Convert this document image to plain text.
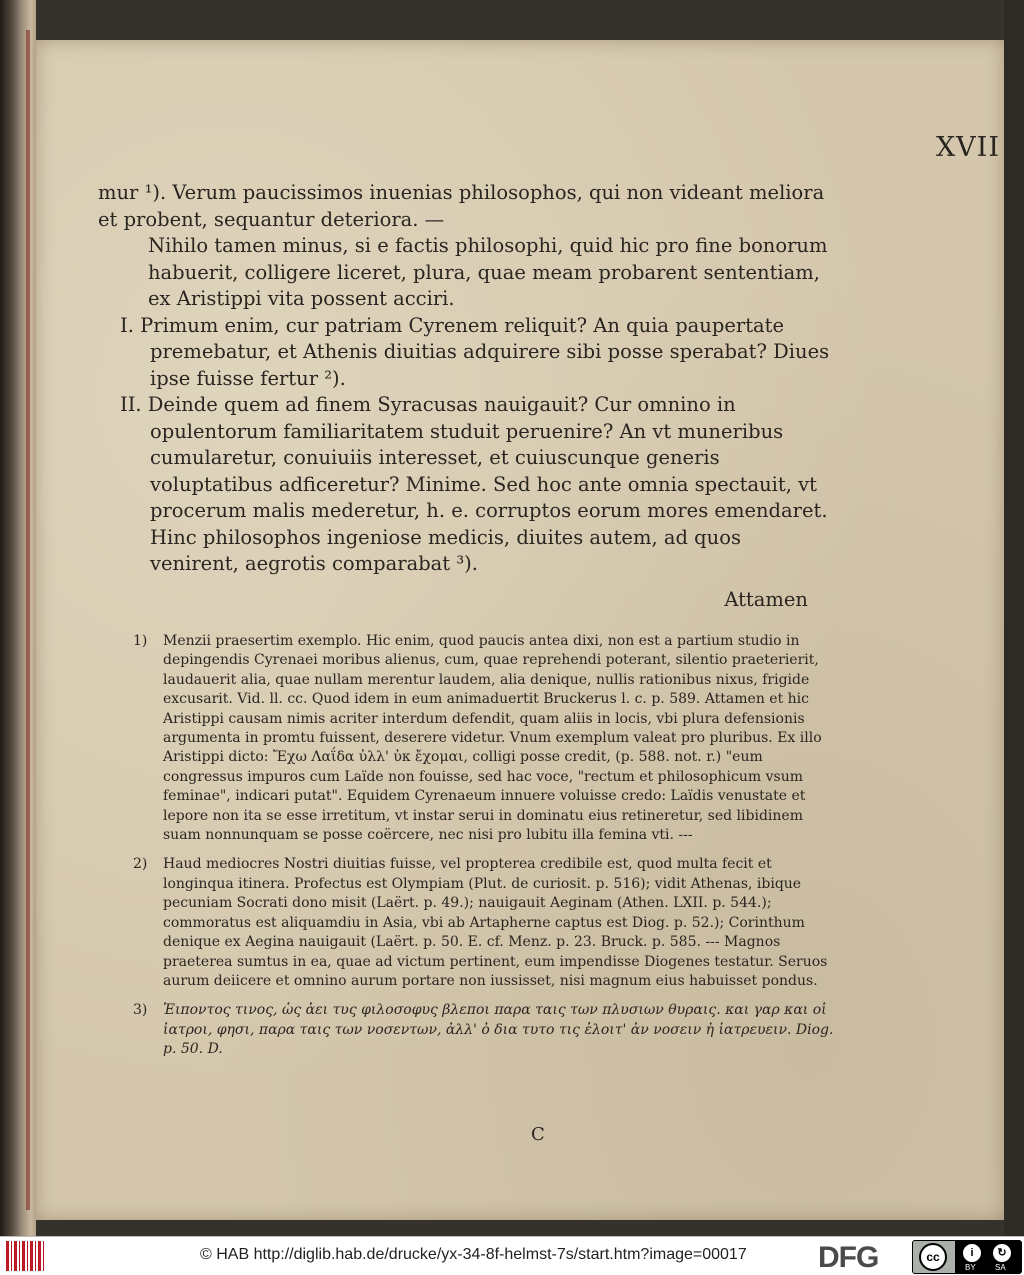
XVII

mur ¹). Verum paucissimos inuenias philosophos, qui non videant meliora et probent, sequantur deteriora. —

Nihilo tamen minus, si e factis philosophi, quid hic pro fine bonorum habuerit, colligere liceret, plura, quae meam probarent sententiam, ex Aristippi vita possent acciri.

I. Primum enim, cur patriam Cyrenem reliquit? An quia paupertate premebatur, et Athenis diuitias adquirere sibi posse sperabat? Diues ipse fuisse fertur ²).

II. Deinde quem ad finem Syracusas nauigauit? Cur omnino in opulentorum familiaritatem studuit peruenire? An vt muneribus cumularetur, conuiuiis interesset, et cuiuscunque generis voluptatibus adficeretur? Minime. Sed hoc ante omnia spectauit, vt procerum malis mederetur, h. e. corruptos eorum mores emendaret. Hinc philosophos ingeniose medicis, diuites autem, ad quos venirent, aegrotis comparabat ³).

Attamen
1) Menzii praesertim exemplo. Hic enim, quod paucis antea dixi, non est a partium studio in depingendis Cyrenaei moribus alienus, cum, quae reprehendi poterant, silentio praeterierit, laudauerit alia, quae nullam merentur laudem, alia denique, nullis rationibus nixus, frigide excusarit. Vid. ll. cc. Quod idem in eum animaduertit Bruckerus l. c. p. 589. Attamen et hic Aristippi causam nimis acriter interdum defendit, quam aliis in locis, vbi plura defensionis argumenta in promtu fuissent, deserere videtur. Vnum exemplum valeat pro pluribus. Ex illo Aristippi dicto: Ἔχω Λαΐδα ὐλλ' ὐκ ἔχομαι, colligi posse credit, (p. 588. not. r.) "eum congressus impuros cum Laïde non fouisse, sed hac voce, "rectum et philosophicum vsum feminae", indicari putat". Equidem Cyrenaeum innuere voluisse credo: Laïdis venustate et lepore non ita se esse irretitum, vt instar serui in dominatu eius retineretur, sed libidinem suam nonnunquam se posse coërcere, nec nisi pro lubitu illa femina vti. ---
2) Haud mediocres Nostri diuitias fuisse, vel propterea credibile est, quod multa fecit et longinqua itinera. Profectus est Olympiam (Plut. de curiosit. p. 516); vidit Athenas, ibique pecuniam Socrati dono misit (Laërt. p. 49.); nauigauit Aeginam (Athen. LXII. p. 544.); commoratus est aliquamdiu in Asia, vbi ab Artapherne captus est Diog. p. 52.); Corinthum denique ex Aegina nauigauit (Laërt. p. 50. E. cf. Menz. p. 23. Bruck. p. 585. --- Magnos praeterea sumtus in ea, quae ad victum pertinent, eum impendisse Diogenes testatur. Seruos aurum deiicere et omnino aurum portare non iussisset, nisi magnum eius habuisset pondus.
3) Ἐιποντος τινος, ὡς ἀει τυς φιλοσοφυς βλεποι παρα ταις των πλυσιων θυραις. και γαρ και οἱ ἰατροι, φησι, παρα ταις των νοσεντων, ἀλλ' ὀ δια τυτο τις ἐλοιτ' ἀν νοσειν ἠ ἰατρευειν. Diog. p. 50. D.
C
© HAB http://diglib.hab.de/drucke/yx-34-8f-helmst-7s/start.htm?image=00017 DFG	cc	i	↻
BY SA
